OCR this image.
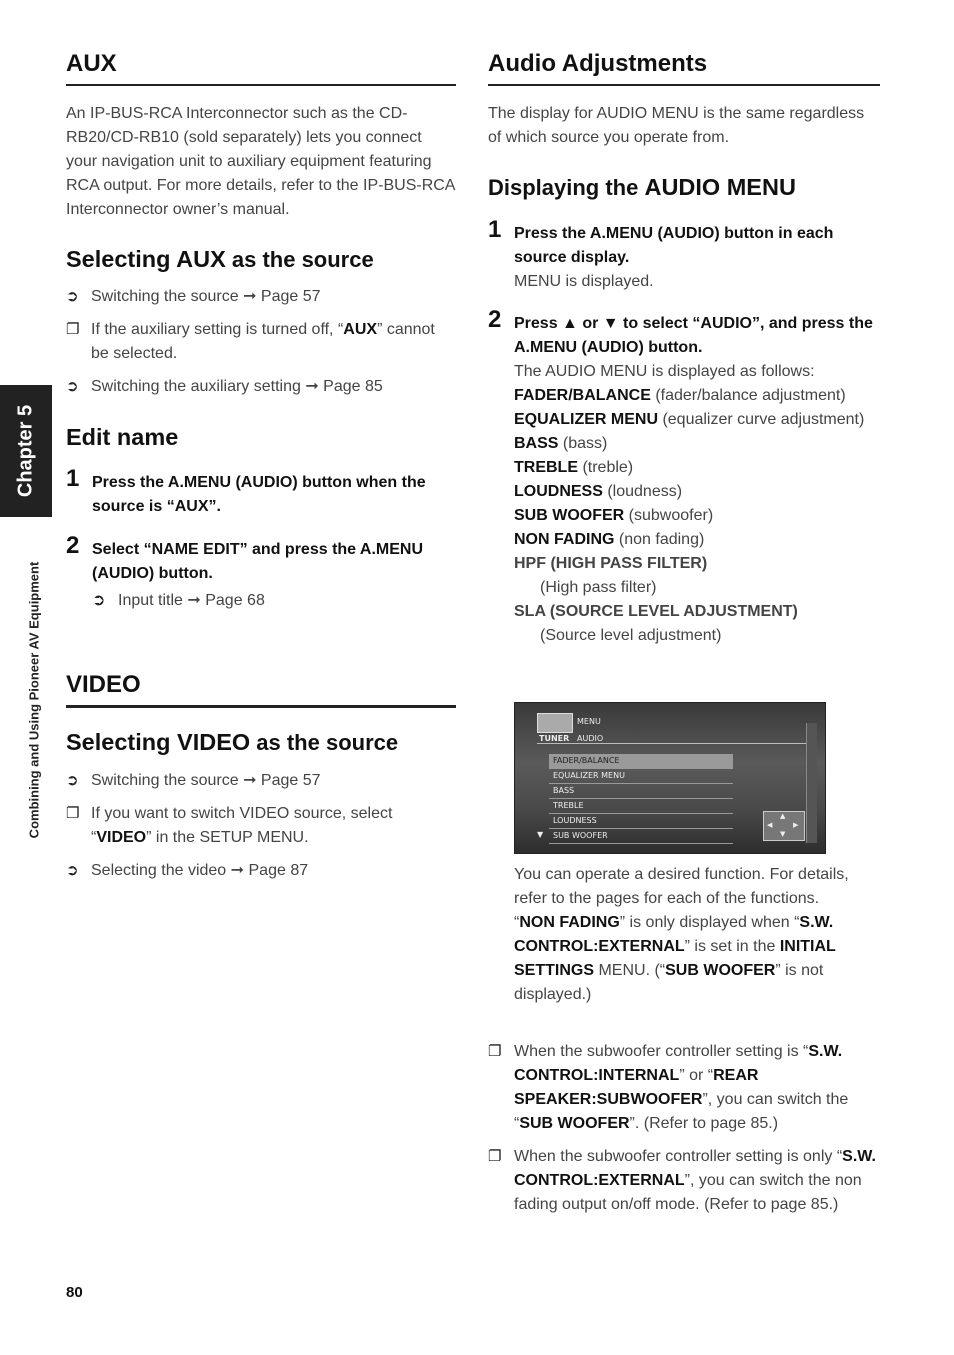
Chapter 5
Combining and Using Pioneer AV Equipment
AUX

An IP-BUS-RCA Interconnector such as the CD-RB20/CD-RB10 (sold separately) lets you connect your navigation unit to auxiliary equipment featuring RCA output. For more details, refer to the IP-BUS-RCA Interconnector owner’s manual.

Selecting AUX as the source
➲ Switching the source ➞ Page 57
❐ If the auxiliary setting is turned off, “AUX” cannot be selected.
➲ Switching the auxiliary setting ➞ Page 85
Edit name
1 Press the A.MENU (AUDIO) button when the source is “AUX”.
2 Select “NAME EDIT” and press the A.MENU (AUDIO) button.
➲ Input title ➞ Page 68
VIDEO
Selecting VIDEO as the source
➲ Switching the source ➞ Page 57
❐ If you want to switch VIDEO source, select “VIDEO” in the SETUP MENU.
➲ Selecting the video ➞ Page 87
Audio Adjustments

The display for AUDIO MENU is the same regardless of which source you operate from.

Displaying the AUDIO MENU
1 Press the A.MENU (AUDIO) button in each source display.
MENU is displayed.
2 Press ▲ or ▼ to select “AUDIO”, and press the A.MENU (AUDIO) button.
The AUDIO MENU is displayed as follows:
FADER/BALANCE (fader/balance adjustment)
EQUALIZER MENU (equalizer curve adjustment)
BASS (bass)
TREBLE (treble)
LOUDNESS (loudness)
SUB WOOFER (subwoofer)
NON FADING (non fading)
HPF (HIGH PASS FILTER)
(High pass filter)
SLA (SOURCE LEVEL ADJUSTMENT)
(Source level adjustment)
MENU
TUNER AUDIO
FADER/BALANCE
EQUALIZER MENU
BASS
TREBLE
LOUDNESS
SUB WOOFER
▼
▲
◀	▶
▼
You can operate a desired function. For details, refer to the pages for each of the functions.
“NON FADING” is only displayed when “S.W. CONTROL:EXTERNAL” is set in the INITIAL SETTINGS MENU. (“SUB WOOFER” is not displayed.)
❐ When the subwoofer controller setting is “S.W. CONTROL:INTERNAL” or “REAR SPEAKER:SUBWOOFER”, you can switch the “SUB WOOFER”. (Refer to page 85.)
❐ When the subwoofer controller setting is only “S.W. CONTROL:EXTERNAL”, you can switch the non fading output on/off mode. (Refer to page 85.)
80
